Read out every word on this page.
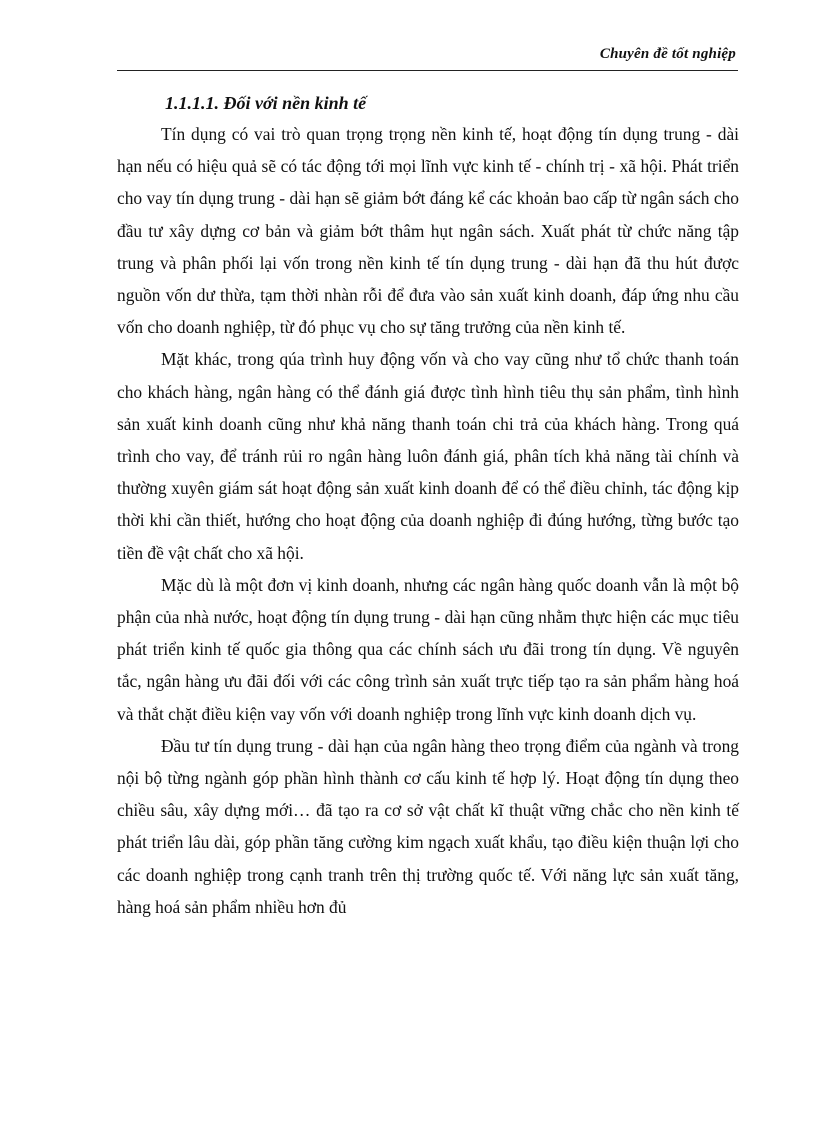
Chuyên đề tốt nghiệp
1.1.1.1. Đối với nền kinh tế

Tín dụng có vai trò quan trọng trọng nền kinh tế, hoạt động tín dụng trung - dài hạn nếu có hiệu quả sẽ có tác động tới mọi lĩnh vực kinh tế - chính trị - xã hội. Phát triển cho vay tín dụng trung - dài hạn sẽ giảm bớt đáng kể các khoản bao cấp từ ngân sách cho đầu tư xây dựng cơ bản và giảm bớt thâm hụt ngân sách. Xuất phát từ chức năng tập trung và phân phối lại vốn trong nền kinh tế tín dụng trung - dài hạn đã thu hút được nguồn vốn dư thừa, tạm thời nhàn rỗi để đưa vào sản xuất kinh doanh, đáp ứng nhu cầu vốn cho doanh nghiệp, từ đó phục vụ cho sự tăng trưởng của nền kinh tế.

Mặt khác, trong qúa trình huy động vốn và cho vay cũng như tổ chức thanh toán cho khách hàng, ngân hàng có thể đánh giá được tình hình tiêu thụ sản phẩm, tình hình sản xuất kinh doanh cũng như khả năng thanh toán chi trả của khách hàng. Trong quá trình cho vay, để tránh rủi ro ngân hàng luôn đánh giá, phân tích khả năng tài chính và thường xuyên giám sát hoạt động sản xuất kinh doanh để có thể điều chỉnh, tác động kịp thời khi cần thiết, hướng cho hoạt động của doanh nghiệp đi đúng hướng, từng bước tạo tiền đề vật chất cho xã hội.

Mặc dù là một đơn vị kinh doanh, nhưng các ngân hàng quốc doanh vẫn là một bộ phận của nhà nước, hoạt động tín dụng trung - dài hạn cũng nhằm thực hiện các mục tiêu phát triển kinh tế quốc gia thông qua các chính sách ưu đãi trong tín dụng. Về nguyên tắc, ngân hàng ưu đãi đối với các công trình sản xuất trực tiếp tạo ra sản phẩm hàng hoá và thắt chặt điều kiện vay vốn với doanh nghiệp trong lĩnh vực kinh doanh dịch vụ.

Đầu tư tín dụng trung - dài hạn của ngân hàng theo trọng điểm của ngành và trong nội bộ từng ngành góp phần hình thành cơ cấu kinh tế hợp lý. Hoạt động tín dụng theo chiều sâu, xây dựng mới… đã tạo ra cơ sở vật chất kĩ thuật vững chắc cho nền kinh tế phát triển lâu dài, góp phần tăng cường kim ngạch xuất khẩu, tạo điều kiện thuận lợi cho các doanh nghiệp trong cạnh tranh trên thị trường quốc tế. Với năng lực sản xuất tăng, hàng hoá sản phẩm nhiều hơn đủ
